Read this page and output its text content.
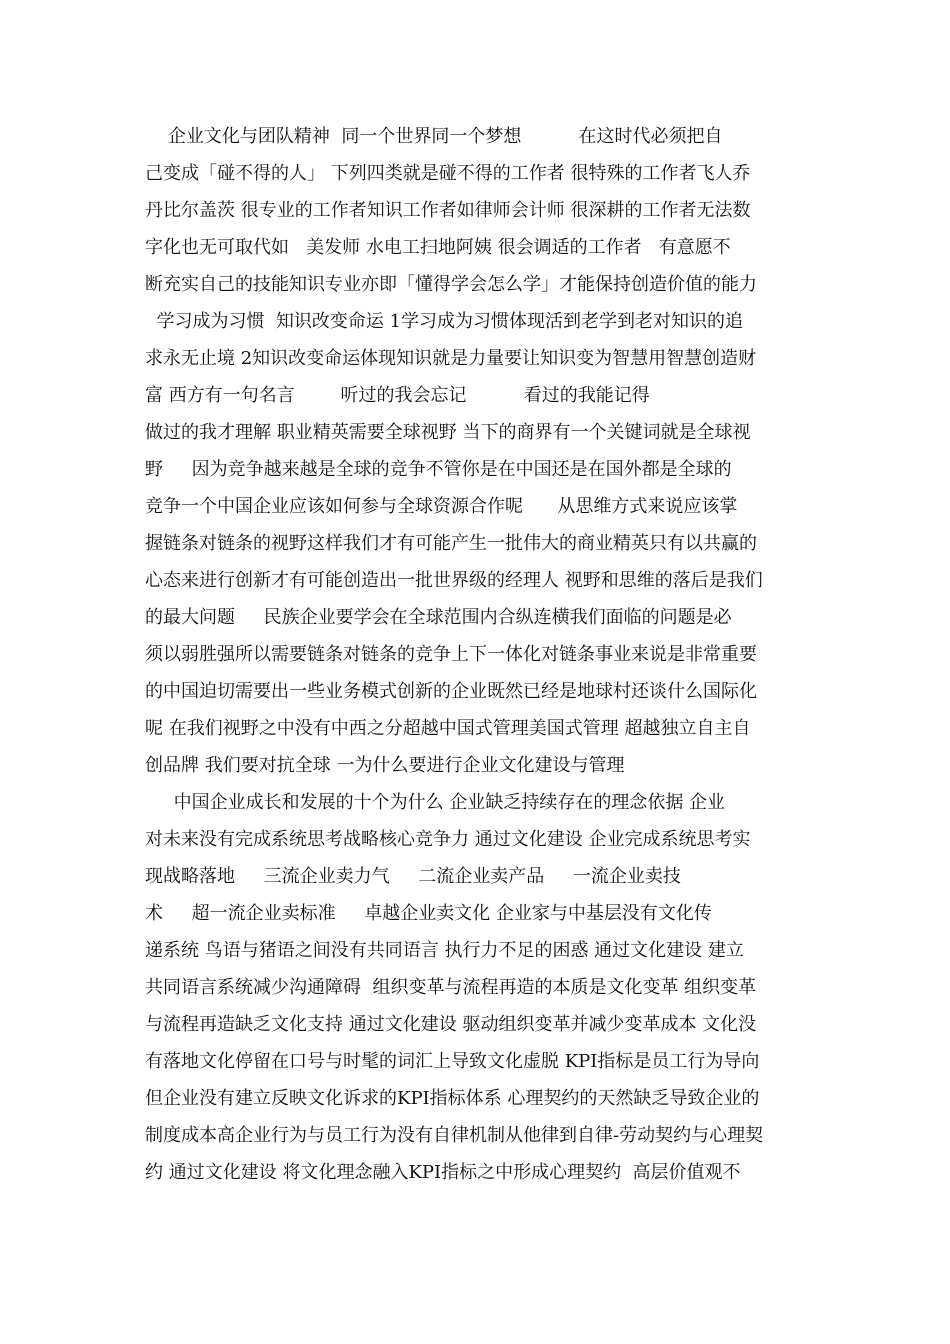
企业文化与团队精神  同一个世界同一个梦想          在这时代必须把自
己变成「碰不得的人」 下列四类就是碰不得的工作者 很特殊的工作者飞人乔
丹比尔盖茨 很专业的工作者知识工作者如律师会计师 很深耕的工作者无法数
字化也无可取代如   美发师 水电工扫地阿姨 很会调适的工作者   有意愿不
断充实自己的技能知识专业亦即「懂得学会怎么学」才能保持创造价值的能力
学习成为习惯  知识改变命运 1学习成为习惯体现活到老学到老对知识的追
求永无止境 2知识改变命运体现知识就是力量要让知识变为智慧用智慧创造财
富 西方有一句名言        听过的我会忘记          看过的我能记得
做过的我才理解 职业精英需要全球视野 当下的商界有一个关键词就是全球视
野     因为竞争越来越是全球的竞争不管你是在中国还是在国外都是全球的
竞争一个中国企业应该如何参与全球资源合作呢      从思维方式来说应该掌
握链条对链条的视野这样我们才有可能产生一批伟大的商业精英只有以共赢的
心态来进行创新才有可能创造出一批世界级的经理人 视野和思维的落后是我们
的最大问题     民族企业要学会在全球范围内合纵连横我们面临的问题是必
须以弱胜强所以需要链条对链条的竞争上下一体化对链条事业来说是非常重要
的中国迫切需要出一些业务模式创新的企业既然已经是地球村还谈什么国际化
呢 在我们视野之中没有中西之分超越中国式管理美国式管理 超越独立自主自
创品牌 我们要对抗全球 一为什么要进行企业文化建设与管理
中国企业成长和发展的十个为什么 企业缺乏持续存在的理念依据 企业
对未来没有完成系统思考战略核心竞争力 通过文化建设 企业完成系统思考实
现战略落地     三流企业卖力气     二流企业卖产品     一流企业卖技
术     超一流企业卖标准     卓越企业卖文化 企业家与中基层没有文化传
递系统 鸟语与猪语之间没有共同语言 执行力不足的困惑 通过文化建设 建立
共同语言系统减少沟通障碍  组织变革与流程再造的本质是文化变革 组织变革
与流程再造缺乏文化支持 通过文化建设 驱动组织变革并减少变革成本 文化没
有落地文化停留在口号与时髦的词汇上导致文化虚脱 KPI指标是员工行为导向
但企业没有建立反映文化诉求的KPI指标体系 心理契约的天然缺乏导致企业的
制度成本高企业行为与员工行为没有自律机制从他律到自律-劳动契约与心理契
约 通过文化建设 将文化理念融入KPI指标之中形成心理契约  高层价值观不
